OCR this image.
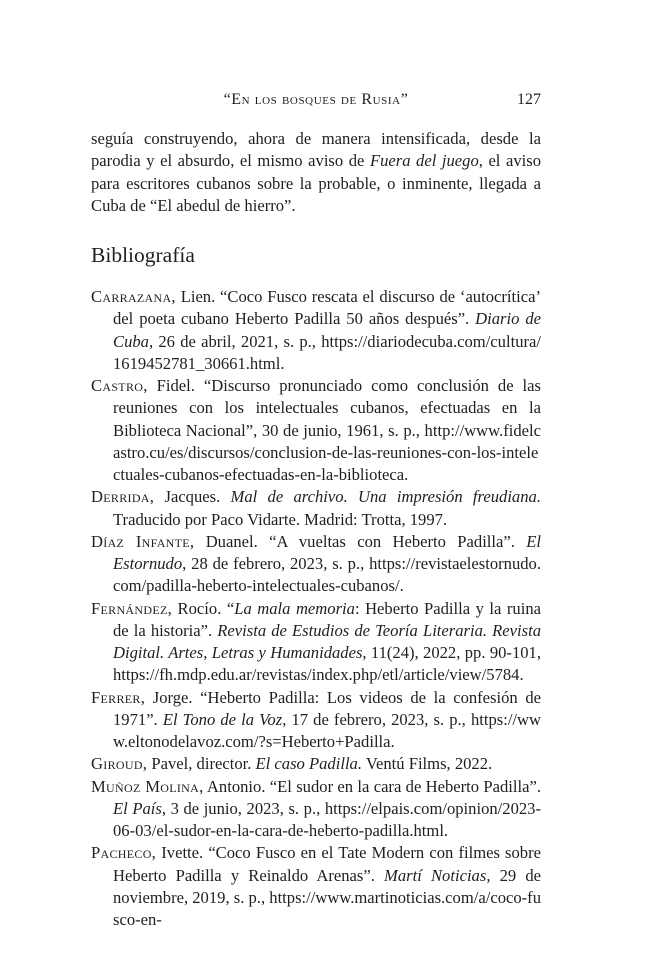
“En los bosques de Rusia”	127

seguía construyendo, ahora de manera intensificada, desde la parodia y el absurdo, el mismo aviso de Fuera del juego, el aviso para escritores cubanos sobre la probable, o inminente, llegada a Cuba de “El abedul de hierro”.

Bibliografía

Carrazana, Lien. “Coco Fusco rescata el discurso de ‘autocrítica’ del poeta cubano Heberto Padilla 50 años después”. Diario de Cuba, 26 de abril, 2021, s. p., https://diariodecuba.com/cultura/1619452781_30661.html.

Castro, Fidel. “Discurso pronunciado como conclusión de las reuniones con los intelectuales cubanos, efectuadas en la Biblioteca Nacional”, 30 de junio, 1961, s. p., http://www.fidelcastro.cu/es/discursos/conclusion-de-las-reuniones-con-los-intelectuales-cubanos-efectuadas-en-la-biblioteca.

Derrida, Jacques. Mal de archivo. Una impresión freudiana. Traducido por Paco Vidarte. Madrid: Trotta, 1997.

Díaz Infante, Duanel. “A vueltas con Heberto Padilla”. El Estornudo, 28 de febrero, 2023, s. p., https://revistaelestornudo.com/padilla-heberto-intelectuales-cubanos/.

Fernández, Rocío. “La mala memoria: Heberto Padilla y la ruina de la historia”. Revista de Estudios de Teoría Literaria. Revista Digital. Artes, Letras y Humanidades, 11(24), 2022, pp. 90-101, https://fh.mdp.edu.ar/revistas/index.php/etl/article/view/5784.

Ferrer, Jorge. “Heberto Padilla: Los videos de la confesión de 1971”. El Tono de la Voz, 17 de febrero, 2023, s. p., https://www.eltonodelavoz.com/?s=Heberto+Padilla.

Giroud, Pavel, director. El caso Padilla. Ventú Films, 2022.

Muñoz Molina, Antonio. “El sudor en la cara de Heberto Padilla”. El País, 3 de junio, 2023, s. p., https://elpais.com/opinion/2023-06-03/el-sudor-en-la-cara-de-heberto-padilla.html.

Pacheco, Ivette. “Coco Fusco en el Tate Modern con filmes sobre Heberto Padilla y Reinaldo Arenas”. Martí Noticias, 29 de noviembre, 2019, s. p., https://www.martinoticias.com/a/coco-fusco-en-
